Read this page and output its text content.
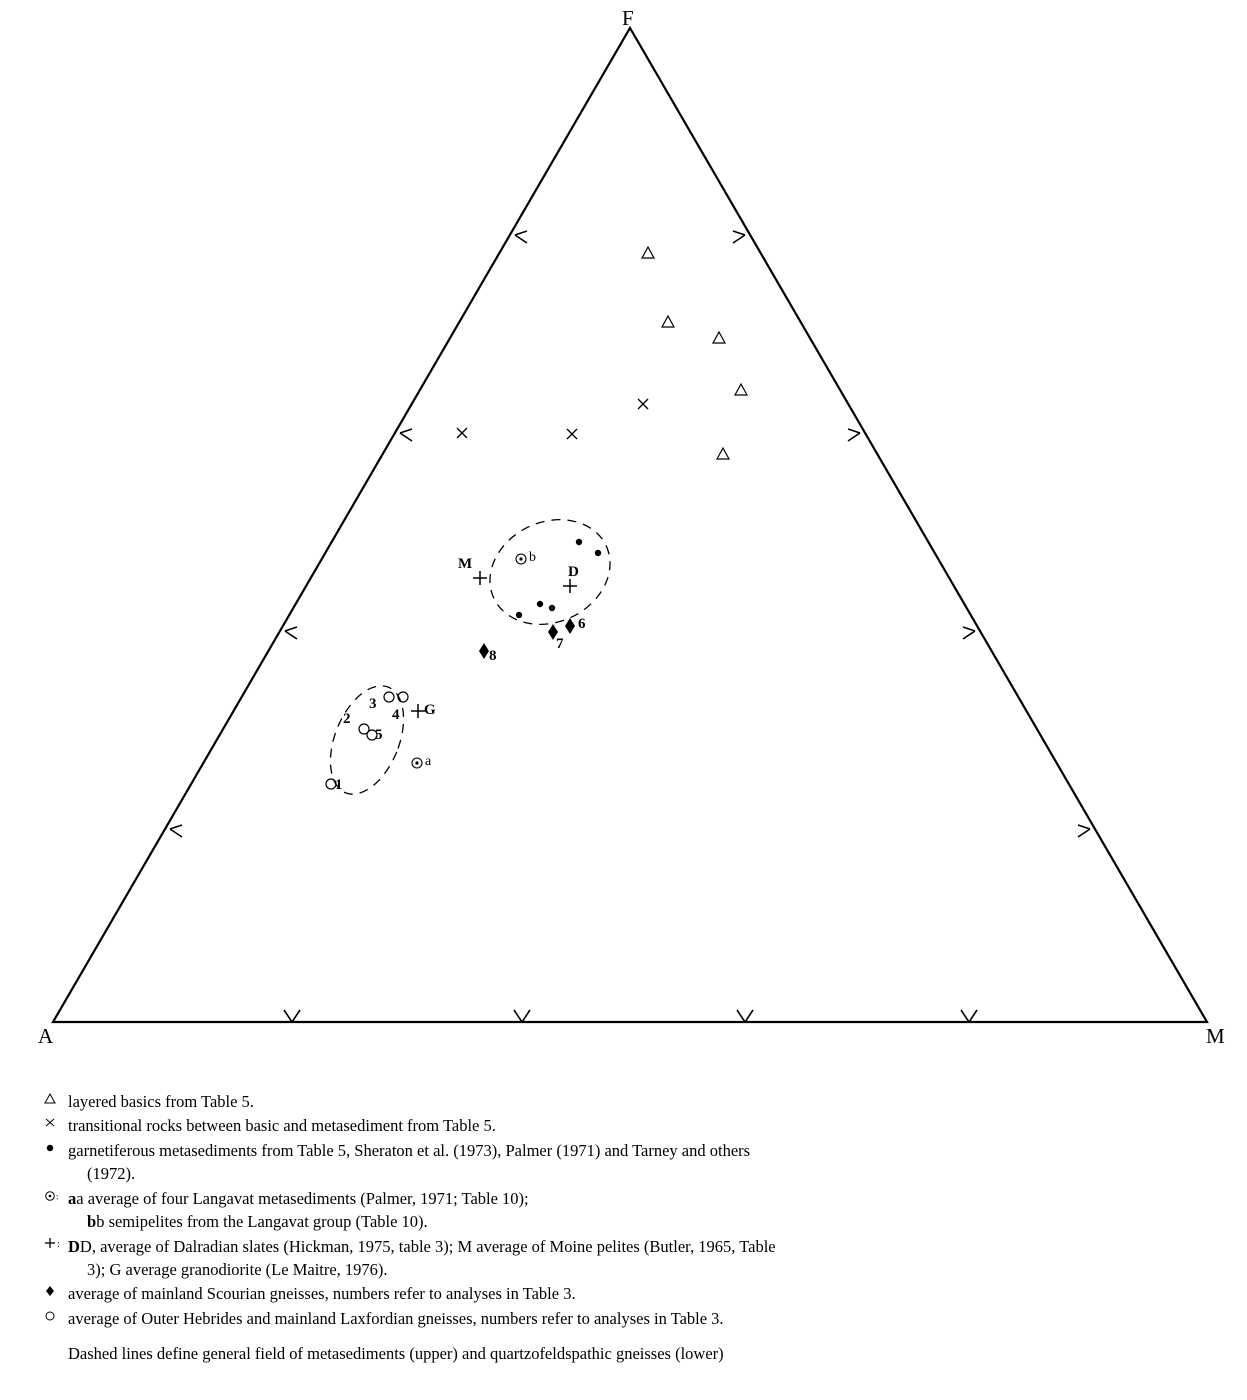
F
A	M
b
a
M	D
G
1
2
3
4
5
6
7
8
layered basics from Table 5.
transitional rocks between basic and metasediment from Table 5.
garnetiferous metasediments from Table 5, Sheraton et al. (1973), Palmer (1971) and Tarney and others
(1972).
: aa average of four Langavat metasediments (Palmer, 1971; Table 10);
bb semipelites from the Langavat group (Table 10).
: DD, average of Dalradian slates (Hickman, 1975, table 3); M average of Moine pelites (Butler, 1965, Table
3); G average granodiorite (Le Maitre, 1976).
average of mainland Scourian gneisses, numbers refer to analyses in Table 3.
average of Outer Hebrides and mainland Laxfordian gneisses, numbers refer to analyses in Table 3.
Dashed lines define general field of metasediments (upper) and quartzofeldspathic gneisses (lower)
